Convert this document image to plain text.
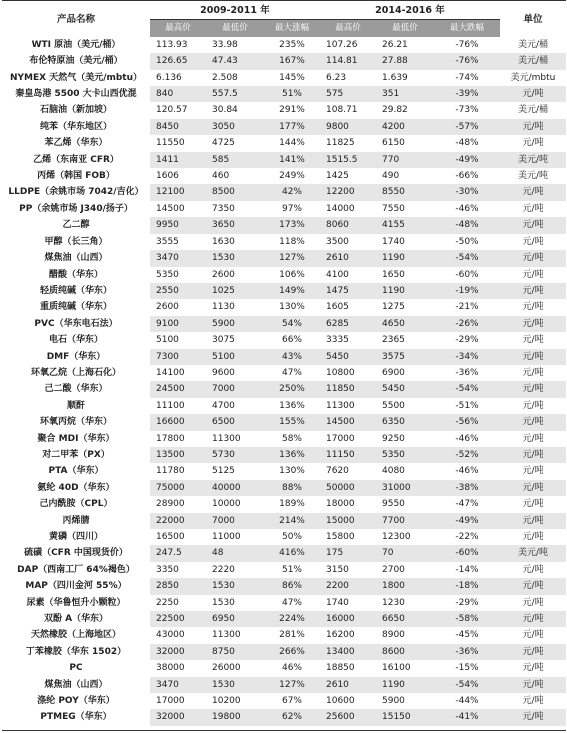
产品名称	2009-2011 年			2014-2016 年			单位
	最高价	最低价	最大涨幅	最高价	最低价	最大跌幅	
WTI 原油（美元/桶）	113.93	33.98	235%	107.26	26.21	-76%	美元/桶
布伦特原油（美元/桶）	126.65	47.43	167%	114.81	27.88	-76%	美元/桶
NYMEX 天然气（美元/mbtu）	6.136	2.508	145%	6.23	1.639	-74%	美元/mbtu
秦皇岛港 5500 大卡山西优混	840	557.5	51%	575	351	-39%	元/吨
石脑油（新加坡）	120.57	30.84	291%	108.71	29.82	-73%	美元/桶
纯苯（华东地区）	8450	3050	177%	9800	4200	-57%	元/吨
苯乙烯（华东）	11550	4725	144%	11825	6150	-48%	元/吨
乙烯（东南亚 CFR）	1411	585	141%	1515.5	770	-49%	美元/吨
丙烯（韩国 FOB）	1606	460	249%	1425	490	-66%	美元/吨
LLDPE（余姚市场 7042/吉化）	12100	8500	42%	12200	8550	-30%	元/吨
PP（余姚市场 J340/扬子）	14500	7350	97%	14000	7550	-46%	元/吨
乙二醇	9950	3650	173%	8060	4155	-48%	元/吨
甲醇（长三角）	3555	1630	118%	3500	1740	-50%	元/吨
煤焦油（山西）	3470	1530	127%	2610	1190	-54%	元/吨
醋酸（华东）	5350	2600	106%	4100	1650	-60%	元/吨
轻质纯碱（华东）	2550	1025	149%	1475	1190	-19%	元/吨
重质纯碱（华东）	2600	1130	130%	1605	1275	-21%	元/吨
PVC（华东电石法）	9100	5900	54%	6285	4650	-26%	元/吨
电石（华东）	5100	3075	66%	3335	2365	-29%	元/吨
DMF（华东）	7300	5100	43%	5450	3575	-34%	元/吨
环氧乙烷（上海石化）	14100	9600	47%	10800	6900	-36%	元/吨
己二酸（华东）	24500	7000	250%	11850	5450	-54%	元/吨
顺酐	11100	4700	136%	11300	5500	-51%	元/吨
环氧丙烷（华东）	16600	6500	155%	14500	6350	-56%	元/吨
聚合 MDI（华东）	17800	11300	58%	17000	9250	-46%	元/吨
对二甲苯（PX）	13500	5730	136%	11150	5350	-52%	元/吨
PTA（华东）	11780	5125	130%	7620	4080	-46%	元/吨
氨纶 40D（华东）	75000	40000	88%	50000	31000	-38%	元/吨
己内酰胺（CPL）	28900	10000	189%	18000	9550	-47%	元/吨
丙烯腈	22000	7000	214%	15000	7700	-49%	元/吨
黄磷（四川）	16500	11000	50%	15800	12300	-22%	元/吨
硫磺（CFR 中国现货价）	247.5	48	416%	175	70	-60%	美元/吨
DAP（西南工厂 64%褐色）	3350	2220	51%	3150	2700	-14%	元/吨
MAP（四川金河 55%）	2850	1530	86%	2200	1800	-18%	元/吨
尿素（华鲁恒升小颗粒）	2250	1530	47%	1740	1230	-29%	元/吨
双酚 A（华东）	22500	6950	224%	16000	6650	-58%	元/吨
天然橡胶（上海地区）	43000	11300	281%	16200	8900	-45%	元/吨
丁苯橡胶（华东 1502）	32000	8750	266%	13400	8600	-36%	元/吨
PC	38000	26000	46%	18850	16100	-15%	元/吨
煤焦油（山西）	3470	1530	127%	2610	1190	-54%	元/吨
涤纶 POY（华东）	17000	10200	67%	10600	5900	-44%	元/吨
PTMEG（华东）	32000	19800	62%	25600	15150	-41%	元/吨
